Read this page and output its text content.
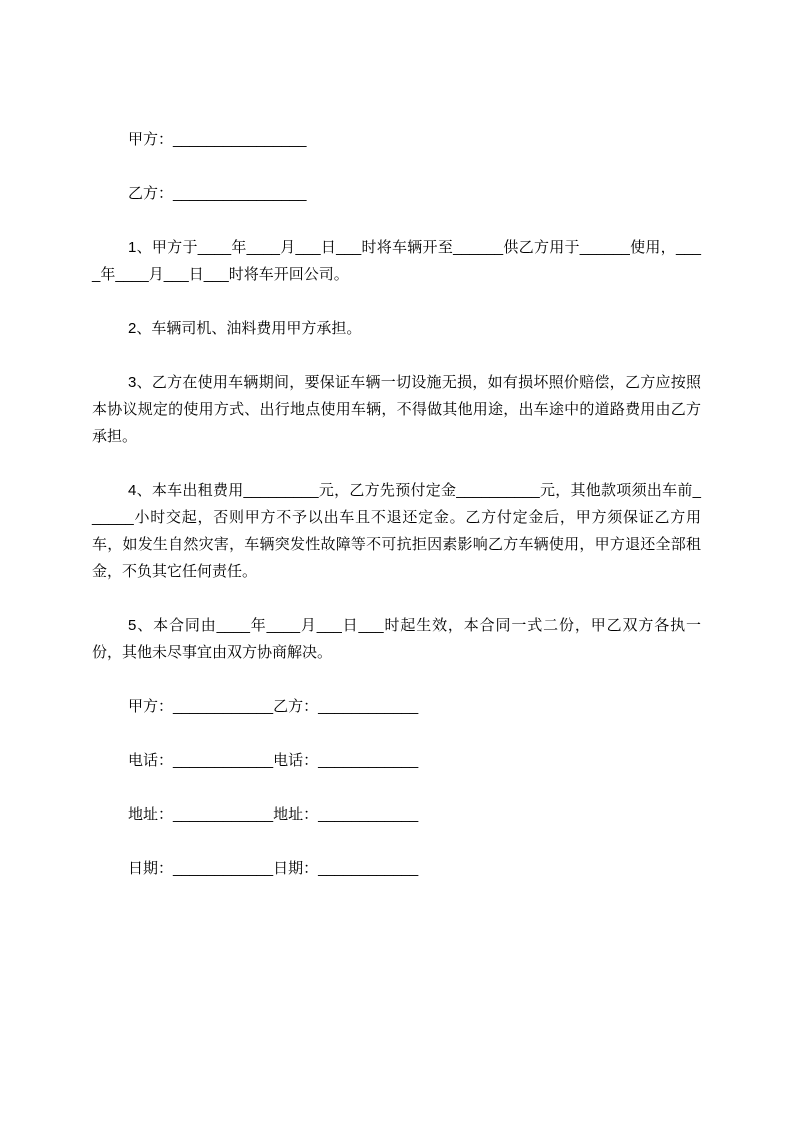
甲方：________________

乙方：________________

1、甲方于____年____月___日___时将车辆开至______供乙方用于______使用，____年____月___日___时将车开回公司。

2、车辆司机、油料费用甲方承担。

3、乙方在使用车辆期间，要保证车辆一切设施无损，如有损坏照价赔偿，乙方应按照本协议规定的使用方式、出行地点使用车辆，不得做其他用途，出车途中的道路费用由乙方承担。

4、本车出租费用_________元，乙方先预付定金__________元，其他款项须出车前______小时交起，否则甲方不予以出车且不退还定金。乙方付定金后，甲方须保证乙方用车，如发生自然灾害，车辆突发性故障等不可抗拒因素影响乙方车辆使用，甲方退还全部租金，不负其它任何责任。

5、本合同由____年____月___日___时起生效，本合同一式二份，甲乙双方各执一份，其他未尽事宜由双方协商解决。

甲方：____________乙方：____________

电话：____________电话：____________

地址：____________地址：____________

日期：____________日期：____________
